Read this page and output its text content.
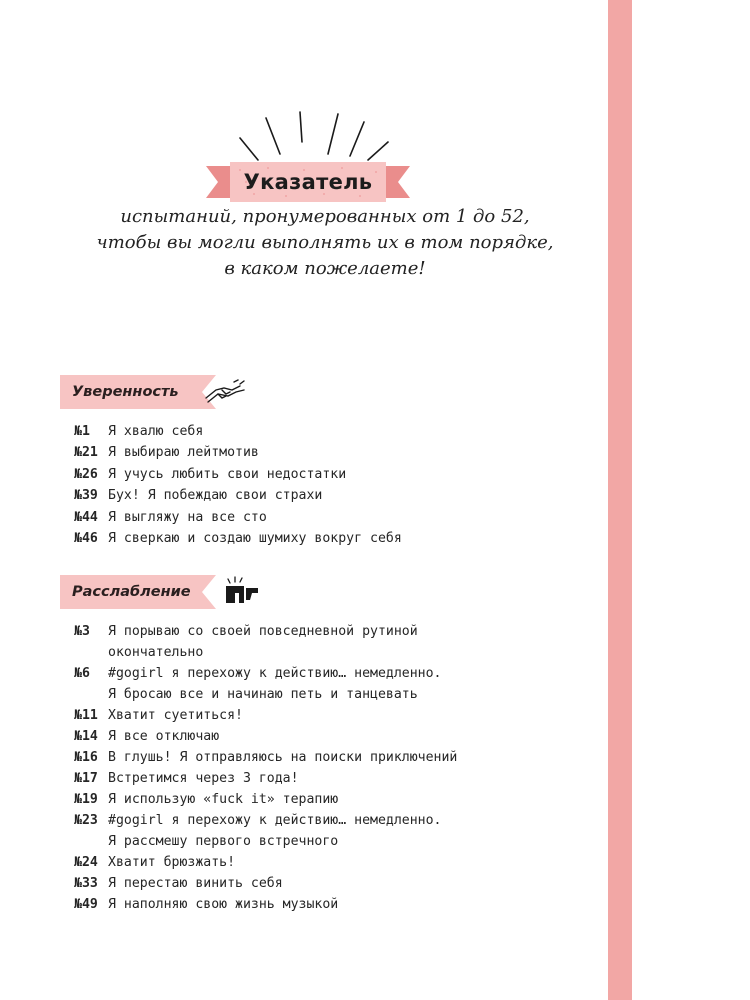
Указатель
испытаний, пронумерованных от 1 до 52,
чтобы вы могли выполнять их в том порядке,
в каком пожелаете!
Уверенность
№1	Я хвалю себя
№21 Я выбираю лейтмотив
№26 Я учусь любить свои недостатки
№39 Бух! Я побеждаю свои страхи
№44 Я выгляжу на все сто
№46 Я сверкаю и создаю шумиху вокруг себя
Расслабление
№3	Я порываю со своей повседневной рутиной
окончательно
№6	#gogirl я перехожу к действию… немедленно.
Я бросаю все и начинаю петь и танцевать
№11 Хватит суетиться!
№14 Я все отключаю
№16 В глушь! Я отправляюсь на поиски приключений
№17 Встретимся через 3 года!
№19 Я использую «fuck it» терапию
№23 #gogirl я перехожу к действию… немедленно.
Я рассмешу первого встречного
№24 Хватит брюзжать!
№33 Я перестаю винить себя
№49 Я наполняю свою жизнь музыкой
